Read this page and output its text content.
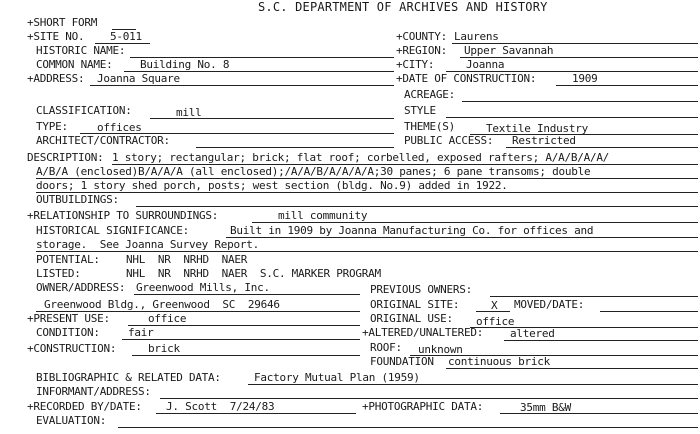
S.C. DEPARTMENT OF ARCHIVES AND HISTORY
+SHORT FORM
+SITE NO. 5-011
HISTORIC NAME:
COMMON NAME:	Building No. 8
+ADDRESS: Joanna Square
CLASSIFICATION:	mill
TYPE:	offices
ARCHITECT/CONTRACTOR:
+COUNTY: Laurens
+REGION: Upper Savannah
+CITY:	Joanna
+DATE OF CONSTRUCTION:	1909
ACREAGE:
STYLE
THEME(S)	Textile Industry
PUBLIC ACCESS: Restricted
DESCRIPTION: 1 story; rectangular; brick; flat roof; corbelled, exposed rafters; A/A/B/A/A/
A/B/A (enclosed)B/A/A/A (all enclosed);/A/A/B/A/A/A/A;30 panes; 6 pane transoms; double
doors; 1 story shed porch, posts; west section (bldg. No.9) added in 1922.
OUTBUILDINGS:
+RELATIONSHIP TO SURROUNDINGS:	mill community
HISTORICAL SIGNIFICANCE:	Built in 1909 by Joanna Manufacturing Co. for offices and
storage.  See Joanna Survey Report.
POTENTIAL: NHL  NR  NRHD  NAER
LISTED:	NHL  NR  NRHD  NAER  S.C. MARKER PROGRAM
OWNER/ADDRESS: Greenwood Mills, Inc.	PREVIOUS OWNERS:
Greenwood Bldg., Greenwood  SC  29646	ORIGINAL SITE:	X MOVED/DATE:
+PRESENT USE:	office	ORIGINAL USE: office
CONDITION:	fair	+ALTERED/UNALTERED: altered
+CONSTRUCTION:	brick	ROOF: unknown
FOUNDATION continuous brick
BIBLIOGRAPHIC & RELATED DATA:	Factory Mutual Plan (1959)
INFORMANT/ADDRESS:
+RECORDED BY/DATE: J. Scott  7/24/83	+PHOTOGRAPHIC DATA:	35mm B&W
EVALUATION:
